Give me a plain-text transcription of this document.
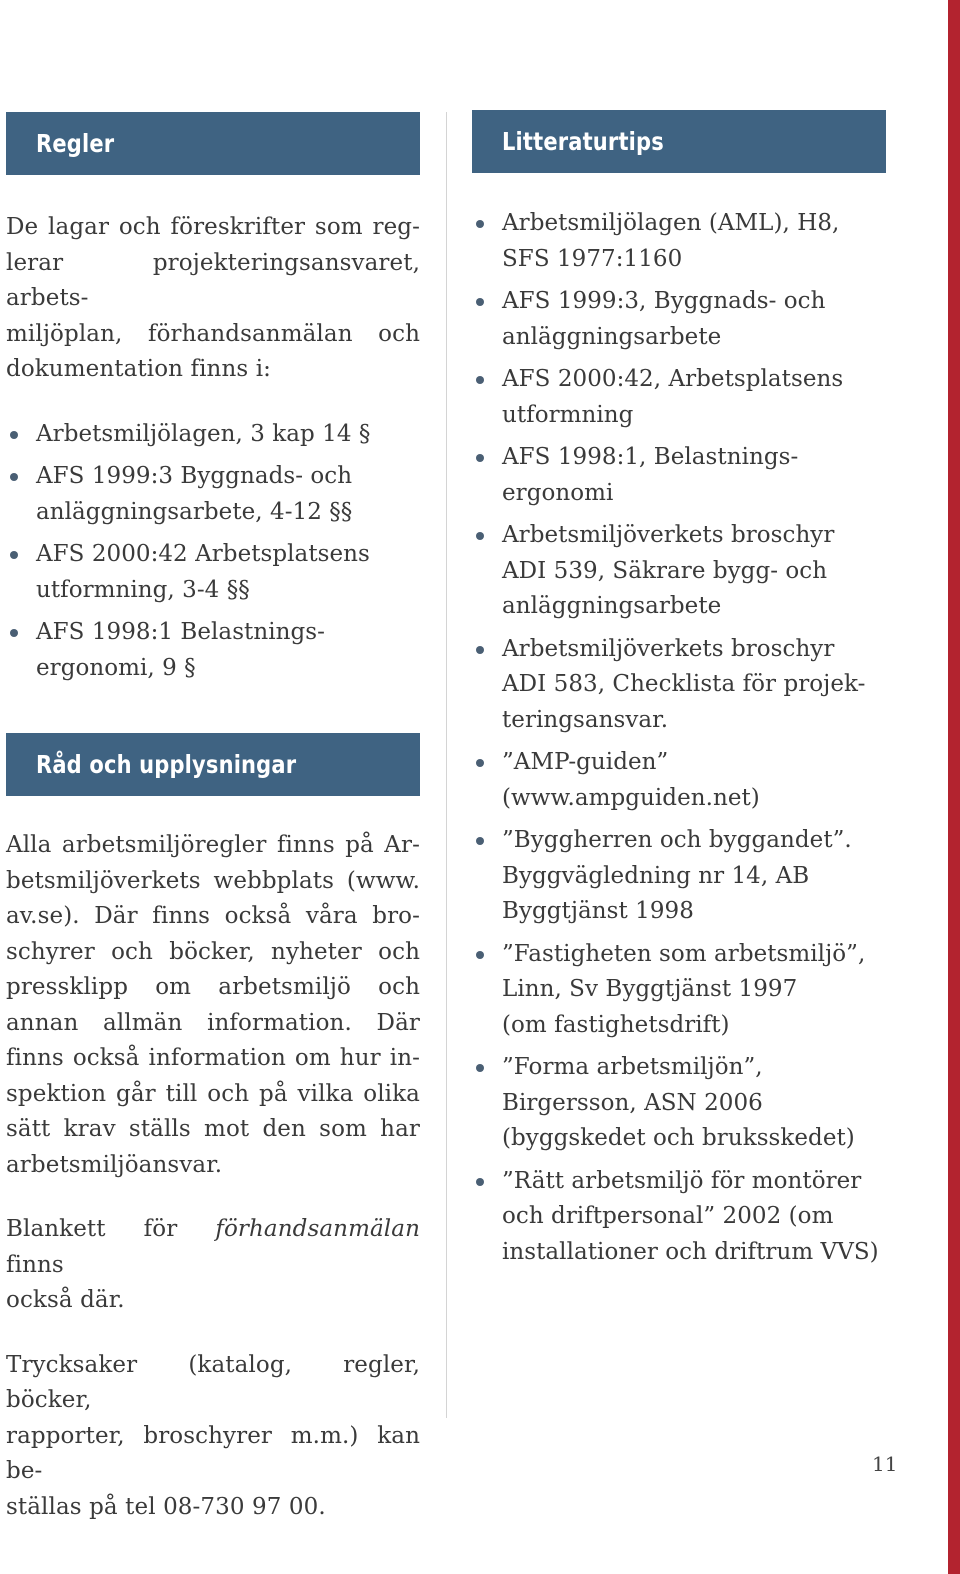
Regler

De lagar och föreskrifter som reg-
lerar projekteringsansvaret, arbets-
miljöplan, förhandsanmälan och
dokumentation finns i:

Arbetsmiljölagen, 3 kap 14 §
AFS 1999:3 Byggnads- och
anläggningsarbete, 4-12 §§
AFS 2000:42 Arbetsplatsens
utformning, 3-4 §§
AFS 1998:1 Belastnings-
ergonomi, 9 §
Råd och upplysningar

Alla arbetsmiljöregler finns på Ar-
betsmiljöverkets webbplats (www.
av.se). Där finns också våra bro-
schyrer och böcker, nyheter och
pressklipp om arbetsmiljö och
annan allmän information. Där
finns också information om hur in-
spektion går till och på vilka olika
sätt krav ställs mot den som har
arbetsmiljöansvar.

Blankett för förhandsanmälan finns
också där.

Trycksaker (katalog, regler, böcker,
rapporter, broschyrer m.m.) kan be-
ställas på tel 08-730 97 00.

Litteraturtips
Arbetsmiljölagen (AML), H8,
SFS 1977:1160
AFS 1999:3, Byggnads- och
anläggningsarbete
AFS 2000:42, Arbetsplatsens
utformning
AFS 1998:1, Belastnings-
ergonomi
Arbetsmiljöverkets broschyr
ADI 539, Säkrare bygg- och
anläggningsarbete
Arbetsmiljöverkets broschyr
ADI 583, Checklista för projek-
teringsansvar.
”AMP-guiden”
(www.ampguiden.net)
”Byggherren och byggandet”.
Byggvägledning nr 14, AB
Byggtjänst 1998
”Fastigheten som arbetsmiljö”,
Linn, Sv Byggtjänst 1997
(om fastighetsdrift)
”Forma arbetsmiljön”,
Birgersson, ASN 2006
(byggskedet och bruksskedet)
”Rätt arbetsmiljö för montörer
och driftpersonal” 2002 (om
installationer och driftrum VVS)
11
